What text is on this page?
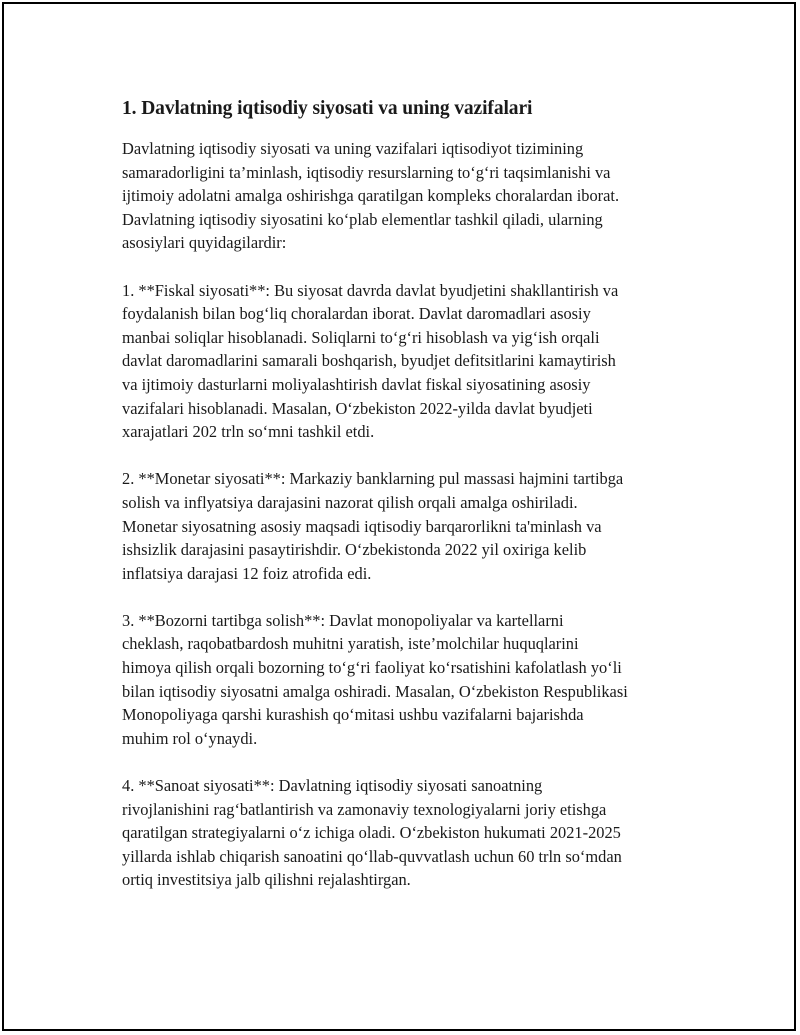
1. Davlatning iqtisodiy siyosati va uning vazifalari

Davlatning iqtisodiy siyosati va uning vazifalari iqtisodiyot tizimining
samaradorligini ta’minlash, iqtisodiy resurslarning to‘g‘ri taqsimlanishi va
ijtimoiy adolatni amalga oshirishga qaratilgan kompleks choralardan iborat.
Davlatning iqtisodiy siyosatini ko‘plab elementlar tashkil qiladi, ularning
asosiylari quyidagilardir:

1. **Fiskal siyosati**: Bu siyosat davrda davlat byudjetini shakllantirish va
foydalanish bilan bog‘liq choralardan iborat. Davlat daromadlari asosiy
manbai soliqlar hisoblanadi. Soliqlarni to‘g‘ri hisoblash va yig‘ish orqali
davlat daromadlarini samarali boshqarish, byudjet defitsitlarini kamaytirish
va ijtimoiy dasturlarni moliyalashtirish davlat fiskal siyosatining asosiy
vazifalari hisoblanadi. Masalan, O‘zbekiston 2022-yilda davlat byudjeti
xarajatlari 202 trln so‘mni tashkil etdi.

2. **Monetar siyosati**: Markaziy banklarning pul massasi hajmini tartibga
solish va inflyatsiya darajasini nazorat qilish orqali amalga oshiriladi.
Monetar siyosatning asosiy maqsadi iqtisodiy barqarorlikni ta'minlash va
ishsizlik darajasini pasaytirishdir. O‘zbekistonda 2022 yil oxiriga kelib
inflatsiya darajasi 12 foiz atrofida edi.

3. **Bozorni tartibga solish**: Davlat monopoliyalar va kartellarni
cheklash, raqobatbardosh muhitni yaratish, iste’molchilar huquqlarini
himoya qilish orqali bozorning to‘g‘ri faoliyat ko‘rsatishini kafolatlash yo‘li
bilan iqtisodiy siyosatni amalga oshiradi. Masalan, O‘zbekiston Respublikasi
Monopoliyaga qarshi kurashish qo‘mitasi ushbu vazifalarni bajarishda
muhim rol o‘ynaydi.

4. **Sanoat siyosati**: Davlatning iqtisodiy siyosati sanoatning
rivojlanishini rag‘batlantirish va zamonaviy texnologiyalarni joriy etishga
qaratilgan strategiyalarni o‘z ichiga oladi. O‘zbekiston hukumati 2021-2025
yillarda ishlab chiqarish sanoatini qo‘llab-quvvatlash uchun 60 trln so‘mdan
ortiq investitsiya jalb qilishni rejalashtirgan.
